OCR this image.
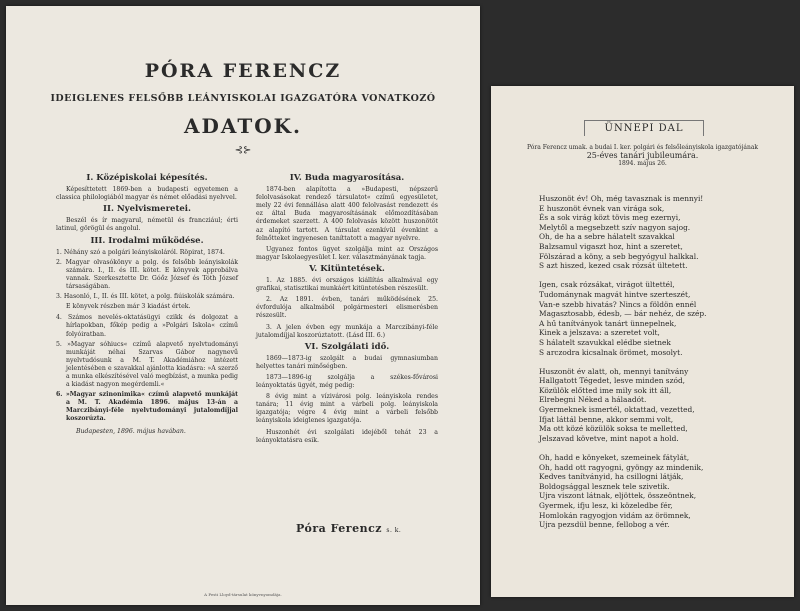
PÓRA FERENCZ
IDEIGLENES FELSŐBB LEÁNYISKOLAI IGAZGATÓRA VONATKOZÓ
ADATOK.
⊰⊱
I. Középiskolai képesítés.
Képesíttetett 1869-ben a budapesti egyetemen a classica philologiából magyar és német előadási nyelvvel.
II. Nyelvismeretei.
Beszél és ír magyarul, németül és francziául; érti latinul, görögül és angolul.
III. Irodalmi működése.
1. Néhány szó a polgári leányiskoláról. Röpirat, 1874.
2. Magyar olvasókönyv a polg. és felsőbb leányiskolák számára. I., II. és III. kötet. E könyvek approbálva vannak. Szerkesztette Dr. Góőz József és Tóth József társaságában.
3. Hasonló, I., II. és III. kötet, a polg. fiúiskolák számára.
E könyvek részben már 3 kiadást értek.
4. Számos nevelés-oktatásügyi czikk és dolgozat a hírlapokban, főkép pedig a »Polgári Iskola« czímű folyóiratban.
5. »Magyar sóhiucs« czímű alapvető nyelvtudományi munkáját néhai Szarvas Gábor nagynevű nyelvtudósunk a M. T. Akadémiához intézett jelentésében e szavakkal ajánlotta kiadásra: »A szerző a munka elkészítésével való megbízást, a munka pedig a kiadást nagyon megérdemli.«
6. »Magyar szinonimika« czímű alapvető munkáját a M. T. Akadémia 1896. május 13-án a Marczibányi-féle nyelvtudományi jutalomdíjjal koszorúzta.
Budapesten, 1896. május havában.
IV. Buda magyarosítása.
1874-ben alapította a »Budapesti, népszerű felolvasásokat rendező társulatot« czímű egyesületet, mely 22 évi fennállása alatt 400 felolvasást rendezett és ez által Buda magyarosításának előmozdításában érdemeket szerzett. A 400 felolvasás között huszonötöt az alapító tartott. A társulat ezenkívül évenkint a felnőtteket ingyenesen taníttatott a magyar nyelvre.
Ugyanez fontos ügyet szolgálja mint az Országos magyar Iskolaegyesület I. ker. választmányának tagja.
V. Kitüntetések.
1. Az 1885. évi országos kiállítás alkalmával egy grafikai, statisztikai munkáért kitüntetésben részesült.
2. Az 1891. évben, tanári működésének 25. évfordulója alkalmából polgármesteri elismerésben részesült.
3. A jelen évben egy munkája a Marczibányi-féle jutalomdíjjal koszorúztatott. (Lásd III. 6.)
VI. Szolgálati idő.
1869—1873-ig szolgált a budai gymnasiumban helyettes tanári minőségben.
1873—1896-ig szolgálja a székes-fővárosi leányoktatás ügyét, még pedig:
8 évig mint a vízivárosi polg. leányiskola rendes tanára; 11 évig mint a várbeli polg. leányiskola igazgatója; végre 4 évig mint a várbeli felsőbb leányiskola ideiglenes igazgatója.
Huszonhét évi szolgálati idejéből tehát 23 a leányoktatásra esik.
Póra Ferencz s. k.
A Pesti Lloyd-társulat könyvnyomdája.
ÜNNEPI DAL
Póra Ferencz umak. a budai I. ker. polgári és felsőleányiskola igazgatójának
25-éves tanári jubileumára.
1894. május 26.
Huszonöt év! Oh, még tavasznak is mennyi!
E huszonöt évnek van virága sok,
És a sok virág közt tövis meg ezernyi,
Melytől a megsebzett szív nagyon sajog.
Oh, de ha a sebre hálatelt szavakkal
Balzsamul vigaszt hoz, hint a szeretet,
Fölszárad a köny, a seb begyógyul halkkal.
S azt hiszed, kezed csak rózsát ültetett.
Igen, csak rózsákat, virágot ültettél,
Tudománynak magvát hintve szerteszét,
Van-e szebb hivatás? Nincs a földön ennél
Magasztosabb, édesb, — bár nehéz, de szép.
A hű tanítványok tanárt ünnepelnek,
Kinek a jelszava: a szeretet volt,
S hálatelt szavukkal elédbe sietnek
S arczodra kicsalnak örömet, mosolyt.
Huszonöt év alatt, oh, mennyi tanítvány
Hallgatott Tégedet, lesve minden szód,
Közülök előtted ime mily sok itt áll,
Elrebegni Néked a hálaadót.
Gyermeknek ismertél, oktattad, vezetted,
Ifjat láttál benne, akkor semmi volt,
Ma ott közé közülök soksa te melletted,
Jelszavad követve, mint napot a hold.
Oh, hadd e könyeket, szemeinek fátylát,
Oh, hadd ott ragyogni, gyöngy az mindenik,
Kedves tanítványid, ha csillogni látják,
Boldogsággal lesznek tele szivetik.
Ujra viszont látnak, eljöttek, összeöntnek,
Gyermek, ifju lesz, ki közeledbe fér,
Homlokán ragyogjon vidám az örömnek,
Ujra pezsdül benne, fellobog a vér.
